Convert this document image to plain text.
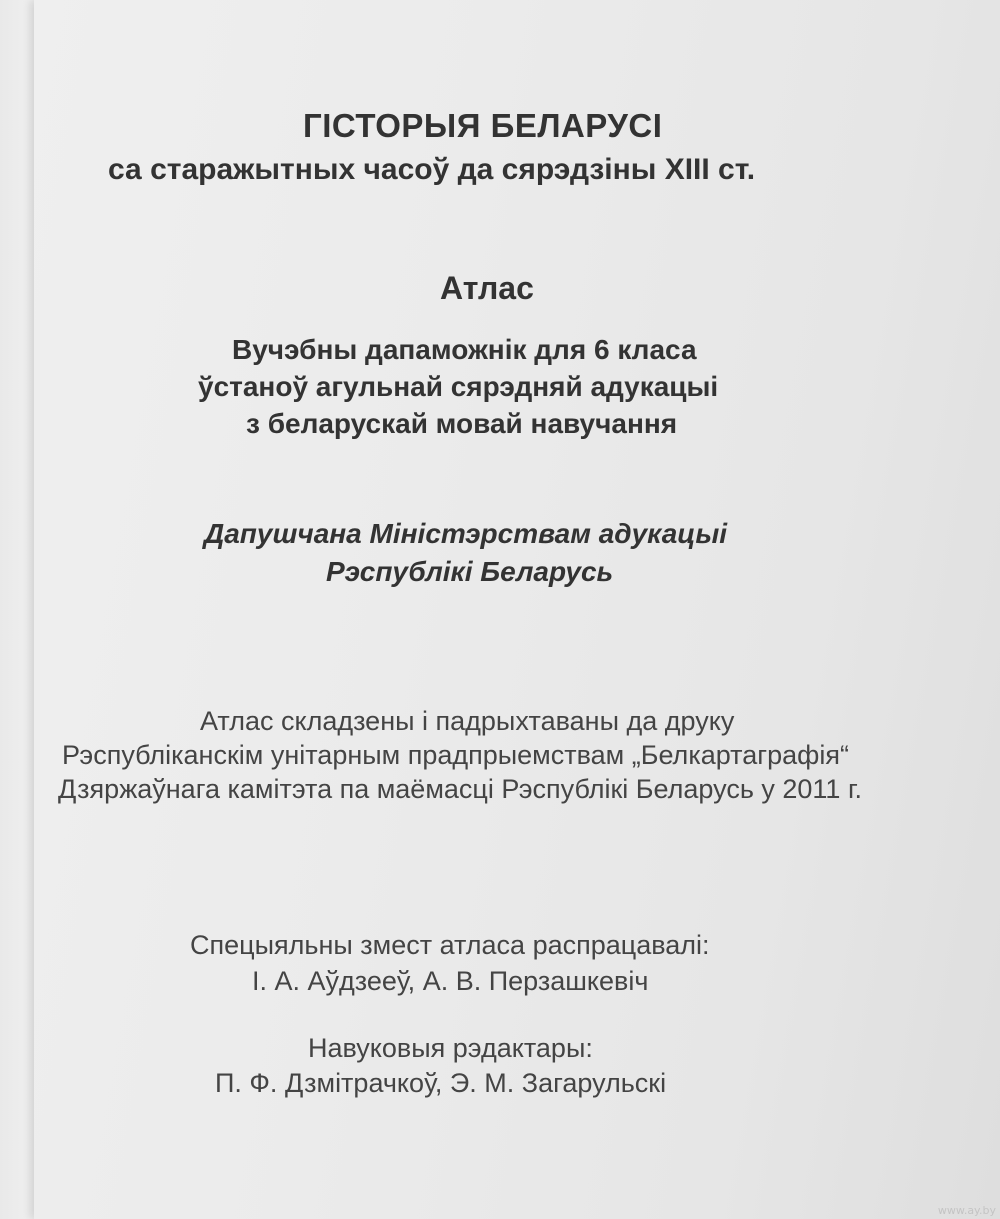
ГІСТОРЫЯ БЕЛАРУСІ

са старажытных часоў да сярэдзіны XIII ст.

Атлас

Вучэбны дапаможнік для 6 класа

ўстаноў агульнай сярэдняй адукацыі

з беларускай мовай навучання

Дапушчана Міністэрствам адукацыі

Рэспублікі Беларусь

Атлас складзены і падрыхтаваны да друку

Рэспубліканскім унітарным прадпрыемствам „Белкартаграфія“

Дзяржаўнага камітэта па маёмасці Рэспублікі Беларусь у 2011 г.

Спецыяльны змест атласа распрацавалі:

І. А. Аўдзееў, А. В. Перзашкевіч

Навуковыя рэдактары:

П. Ф. Дзмітрачкоў, Э. М. Загарульскі

www.ay.by
